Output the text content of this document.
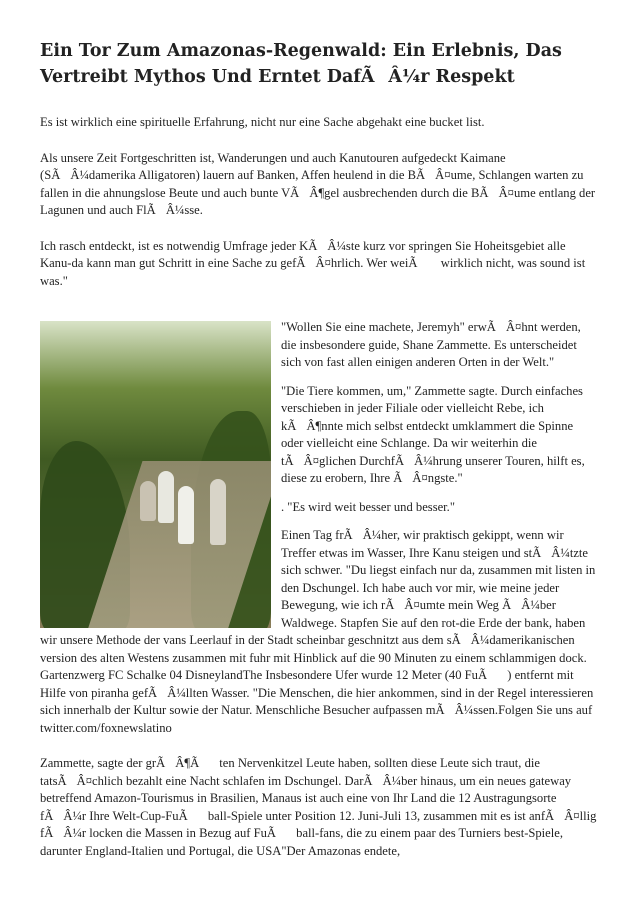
Ein Tor Zum Amazonas-Regenwald: Ein Erlebnis, Das Vertreibt Mythos Und Erntet DafÃÂ¼r Respekt

Es ist wirklich eine spirituelle Erfahrung, nicht nur eine Sache abgehakt eine bucket list.

Als unsere Zeit Fortgeschritten ist, Wanderungen und auch Kanutouren aufgedeckt Kaimane (SÃÂ¼damerika Alligatoren) lauern auf Banken, Affen heulend in die BÃÂ¤ume, Schlangen warten zu fallen in die ahnungslose Beute und auch bunte VÃÂ¶gel ausbrechenden durch die BÃÂ¤ume entlang der Lagunen und auch FlÃÂ¼sse.

Ich rasch entdeckt, ist es notwendig Umfrage jeder KÃÂ¼ste kurz vor springen Sie Hoheitsgebiet alle Kanu-da kann man gut Schritt in eine Sache zu gefÃÂ¤hrlich. Wer weiÃ wirklich nicht, was sound ist was."

"Wollen Sie eine machete, Jeremyh" erwÃÂ¤hnt werden, die insbesondere guide, Shane Zammette. Es unterscheidet sich von fast allen einigen anderen Orten in der Welt."

"Die Tiere kommen, um," Zammette sagte. Durch einfaches verschieben in jeder Filiale oder vielleicht Rebe, ich kÃÂ¶nnte mich selbst entdeckt umklammert die Spinne oder vielleicht eine Schlange. Da wir weiterhin die tÃÂ¤glichen DurchfÃÂ¼hrung unserer Touren, hilft es, diese zu erobern, Ihre ÃÂ¤ngste."

. "Es wird weit besser und besser."

Einen Tag frÃÂ¼her, wir praktisch gekippt, wenn wir Treffer etwas im Wasser, Ihre Kanu steigen und stÃÂ¼tzte sich schwer. "Du liegst einfach nur da, zusammen mit listen in den Dschungel. Ich habe auch vor mir, wie meine jeder Bewegung, wie ich rÃÂ¤umte mein Weg ÃÂ¼ber Waldwege. Stapfen Sie auf den rot-die Erde der bank, haben wir unsere Methode der vans Leerlauf in der Stadt scheinbar geschnitzt aus dem sÃÂ¼damerikanischen version des alten Westens zusammen mit fuhr mit Hinblick auf die 90 Minuten zu einem schlammigen dock. Gartenzwerg FC Schalke 04 DisneylandThe Insbesondere Ufer wurde 12 Meter (40 FuÃ) entfernt mit Hilfe von piranha gefÃÂ¼llten Wasser. "Die Menschen, die hier ankommen, sind in der Regel interessieren sich innerhalb der Kultur sowie der Natur. Menschliche Besucher aufpassen mÃÂ¼ssen.Folgen Sie uns auf twitter.com/foxnewslatino

Zammette, sagte der grÃÂ¶Ãten Nervenkitzel Leute haben, sollten diese Leute sich traut, die tatsÃÂ¤chlich bezahlt eine Nacht schlafen im Dschungel. DarÃÂ¼ber hinaus, um ein neues gateway betreffend Amazon-Tourismus in Brasilien, Manaus ist auch eine von Ihr Land die 12 Austragungsorte fÃÂ¼r Ihre Welt-Cup-FuÃball-Spiele unter Position 12. Juni-Juli 13, zusammen mit es ist anfÃÂ¤llig fÃÂ¼r locken die Massen in Bezug auf FuÃball-fans, die zu einem paar des Turniers best-Spiele, darunter England-Italien und Portugal, die USA"Der Amazonas endete,
